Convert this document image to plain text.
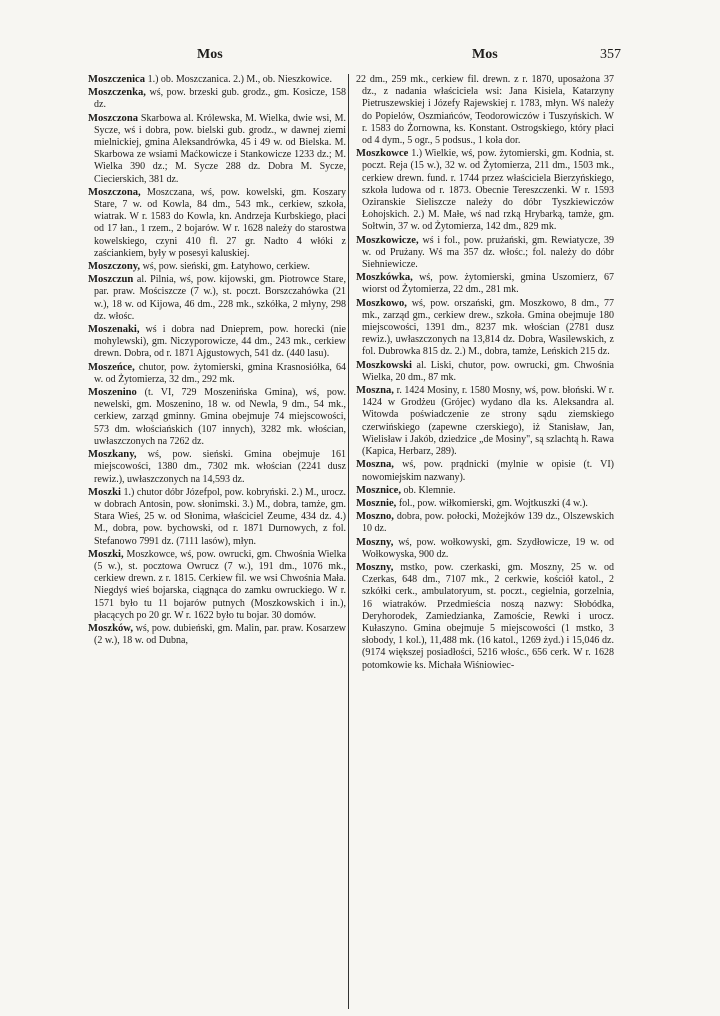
Mos	Mos	357

Moszczenica 1.) ob. Moszczanica. 2.) M., ob. Nieszkowice.

Moszczenka, wś, pow. brzeski gub. grodz., gm. Kosicze, 158 dz.

Moszczona Skarbowa al. Królewska, M. Wielka, dwie wsi, M. Sycze, wś i dobra, pow. bielski gub. grodz., w dawnej ziemi mielnickiej, gmina Aleksandrówka, 45 i 49 w. od Bielska. M. Skarbowa ze wsiami Maćkowicze i Stankowicze 1233 dz.; M. Wielka 390 dz.; M. Sycze 288 dz. Dobra M. Sycze, Ciecierskich, 381 dz.

Moszczona, Moszczana, wś, pow. kowelski, gm. Koszary Stare, 7 w. od Kowla, 84 dm., 543 mk., cerkiew, szkoła, wiatrak. W r. 1583 do Kowla, kn. Andrzeja Kurbskiego, płaci od 17 łan., 1 rzem., 2 bojarów. W r. 1628 należy do starostwa kowelskiego, czyni 410 fl. 27 gr. Nadto 4 włóki z zaściankiem, były w posesyi kaluskiej.

Moszczony, wś, pow. sieński, gm. Łatyhowo, cerkiew.

Moszczun al. Pilnia, wś, pow. kijowski, gm. Piotrowce Stare, par. praw. Mościszcze (7 w.), st. poczt. Borszczahówka (21 w.), 18 w. od Kijowa, 46 dm., 228 mk., szkółka, 2 młyny, 298 dz. włośc.

Moszenaki, wś i dobra nad Dnieprem, pow. horecki (nie mohylewski), gm. Niczyporowicze, 44 dm., 243 mk., cerkiew drewn. Dobra, od r. 1871 Ajgustowych, 541 dz. (440 lasu).

Moszeńce, chutor, pow. żytomierski, gmina Krasnosiółka, 64 w. od Żytomierza, 32 dm., 292 mk.

Moszenino (t. VI, 729 Moszenińska Gmina), wś, pow. newelski, gm. Moszenino, 18 w. od Newla, 9 dm., 54 mk., cerkiew, zarząd gminny. Gmina obejmuje 74 miejscowości, 573 dm. włościańskich (107 innych), 3282 mk. włościan, uwłaszczonych na 7262 dz.

Moszkany, wś, pow. sieński. Gmina obejmuje 161 miejscowości, 1380 dm., 7302 mk. włościan (2241 dusz rewiz.), uwłaszczonych na 14,593 dz.

Moszki 1.) chutor dóbr Józefpol, pow. kobryński. 2.) M., urocz. w dobrach Antosin, pow. słonimski. 3.) M., dobra, tamże, gm. Stara Wieś, 25 w. od Słonima, właściciel Zeume, 434 dz. 4.) M., dobra, pow. bychowski, od r. 1871 Durnowych, z fol. Stefanowo 7991 dz. (7111 lasów), młyn.

Moszki, Moszkowce, wś, pow. owrucki, gm. Chwośnia Wielka (5 w.), st. pocztowa Owrucz (7 w.), 191 dm., 1076 mk., cerkiew drewn. z r. 1815. Cerkiew fil. we wsi Chwośnia Mała. Niegdyś wieś bojarska, ciągnąca do zamku owruckiego. W r. 1571 było tu 11 bojarów putnych (Moszkowskich i in.), płacących po 20 gr. W r. 1622 było tu bojar. 30 domów.

Moszków, wś, pow. dubieński, gm. Malin, par. praw. Kosarzew (2 w.), 18 w. od Dubna,

22 dm., 259 mk., cerkiew fil. drewn. z r. 1870, uposażona 37 dz., z nadania właściciela wsi: Jana Kisiela, Katarzyny Pietruszewskiej i Józefy Rajewskiej r. 1783, młyn. Wś należy do Popielów, Oszmiańców, Teodorowiczów i Tuszyńskich. W r. 1583 do Żornowna, ks. Konstant. Ostrogskiego, który płaci od 4 dym., 5 ogr., 5 podsus., 1 koła dor.

Moszkowce 1.) Wielkie, wś, pow. żytomierski, gm. Kodnia, st. poczt. Reja (15 w.), 32 w. od Żytomierza, 211 dm., 1503 mk., cerkiew drewn. fund. r. 1744 przez właściciela Bierzyńskiego, szkoła ludowa od r. 1873. Obecnie Tereszczenki. W r. 1593 Oziranskie Sieliszcze należy do dóbr Tyszkiewiczów Łohojskich. 2.) M. Małe, wś nad rzką Hrybarką, tamże, gm. Sołtwin, 37 w. od Żytomierza, 142 dm., 829 mk.

Moszkowicze, wś i fol., pow. prużański, gm. Rewiatycze, 39 w. od Prużany. Wś ma 357 dz. włośc.; fol. należy do dóbr Siehniewicze.

Moszkówka, wś, pow. żytomierski, gmina Uszomierz, 67 wiorst od Żytomierza, 22 dm., 281 mk.

Moszkowo, wś, pow. orszański, gm. Moszkowo, 8 dm., 77 mk., zarząd gm., cerkiew drew., szkoła. Gmina obejmuje 180 miejscowości, 1391 dm., 8237 mk. włościan (2781 dusz rewiz.), uwłaszczonych na 13,814 dz. Dobra, Wasilewskich, z fol. Dubrowka 815 dz. 2.) M., dobra, tamże, Leńskich 215 dz.

Moszkowski al. Liski, chutor, pow. owrucki, gm. Chwośnia Wielka, 20 dm., 87 mk.

Moszna, r. 1424 Mosiny, r. 1580 Mosny, wś, pow. błoński. W r. 1424 w Grodżeu (Grójec) wydano dla ks. Aleksandra al. Witowda poświadczenie ze strony sądu ziemskiego czerwińskiego (zapewne czerskiego), iż Stanisław, Jan, Wielisław i Jakób, dziedzice „de Mosiny", są szlachtą h. Rawa (Kapica, Herbarz, 289).

Moszna, wś, pow. prądnicki (mylnie w opisie (t. VI) nowomiejskim nazwany).

Mosznice, ob. Klemnie.

Mosznie, fol., pow. wiłkomierski, gm. Wojtkuszki (4 w.).

Moszno, dobra, pow. połocki, Możejków 139 dz., Olszewskich 10 dz.

Moszny, wś, pow. wołkowyski, gm. Szydłowicze, 19 w. od Wołkowyska, 900 dz.

Moszny, mstko, pow. czerkaski, gm. Moszny, 25 w. od Czerkas, 648 dm., 7107 mk., 2 cerkwie, kościół katol., 2 szkółki cerk., ambulatoryum, st. poczt., cegielnia, gorzelnia, 16 wiatraków. Przedmieścia noszą nazwy: Słobódka, Deryhorodek, Zamiedzianka, Zamoście, Rewki i urocz. Kułaszyno. Gmina obejmuje 5 miejscowości (1 mstko, 3 słobody, 1 kol.), 11,488 mk. (16 katol., 1269 żyd.) i 15,046 dz. (9174 większej posiadłości, 5216 włośc., 656 cerk. W r. 1628 potomkowie ks. Michała Wiśniowiec-
